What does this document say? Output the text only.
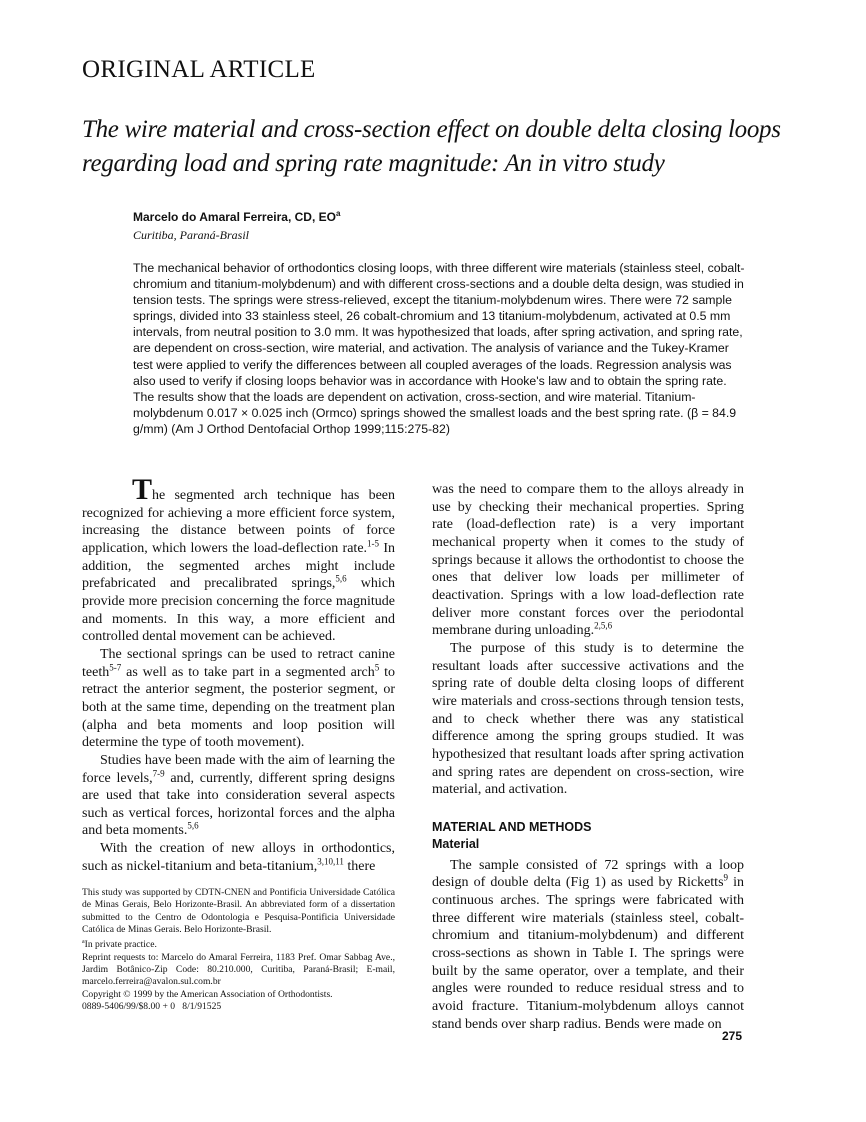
ORIGINAL ARTICLE
The wire material and cross-section effect on double delta closing loops regarding load and spring rate magnitude: An in vitro study
Marcelo do Amaral Ferreira, CD, $EO^a$
Curitiba, Paraná-Brasil
The mechanical behavior of orthodontics closing loops, with three different wire materials (stainless steel, cobalt-chromium and titanium-molybdenum) and with different cross-sections and a double delta design, was studied in tension tests. The springs were stress-relieved, except the titanium-molybdenum wires. There were 72 sample springs, divided into 33 stainless steel, 26 cobalt-chromium and 13 titanium-molybdenum, activated at 0.5 mm intervals, from neutral position to 3.0 mm. It was hypothesized that loads, after spring activation, and spring rate, are dependent on cross-section, wire material, and activation. The analysis of variance and the Tukey-Kramer test were applied to verify the differences between all coupled averages of the loads. Regression analysis was also used to verify if closing loops behavior was in accordance with Hooke's law and to obtain the spring rate. The results show that the loads are dependent on activation, cross-section, and wire material. Titanium-molybdenum 0.017 × 0.025 inch (Ormco) springs showed the smallest loads and the best spring rate. (β = 84.9 g/mm) (Am J Orthod Dentofacial Orthop 1999;115:275-82)

The segmented arch technique has been recognized for achieving a more efficient force system, increasing the distance between points of force application, which lowers the load-deflection rate.$^{1-5}$ In addition, the segmented arches might include prefabricated and precalibrated springs,$^{5,6}$ which provide more precision concerning the force magnitude and moments. In this way, a more efficient and controlled dental movement can be achieved.

The sectional springs can be used to retract canine teeth$^{5-7}$ as well as to take part in a segmented arch$^5$ to retract the anterior segment, the posterior segment, or both at the same time, depending on the treatment plan (alpha and beta moments and loop position will determine the type of tooth movement).

Studies have been made with the aim of learning the force levels,$^{7-9}$ and, currently, different spring designs are used that take into consideration several aspects such as vertical forces, horizontal forces and the alpha and beta moments.$^{5,6}$

With the creation of new alloys in orthodontics, such as nickel-titanium and beta-titanium,$^{3,10,11}$ there

was the need to compare them to the alloys already in use by checking their mechanical properties. Spring rate (load-deflection rate) is a very important mechanical property when it comes to the study of springs because it allows the orthodontist to choose the ones that deliver low loads per millimeter of deactivation. Springs with a low load-deflection rate deliver more constant forces over the periodontal membrane during unloading.$^{2,5,6}$

The purpose of this study is to determine the resultant loads after successive activations and the spring rate of double delta closing loops of different wire materials and cross-sections through tension tests, and to check whether there was any statistical difference among the spring groups studied. It was hypothesized that resultant loads after spring activation and spring rates are dependent on cross-section, wire material, and activation.

MATERIAL AND METHODS
Material

The sample consisted of 72 springs with a loop design of double delta (Fig 1) as used by Ricketts$^9$ in continuous arches. The springs were fabricated with three different wire materials (stainless steel, cobalt-chromium and titanium-molybdenum) and different cross-sections as shown in Table I. The springs were built by the same operator, over a template, and their angles were rounded to reduce residual stress and to avoid fracture. Titanium-molybdenum alloys cannot stand bends over sharp radius. Bends were made on

This study was supported by CDTN-CNEN and Pontificia Universidade Católica de Minas Gerais, Belo Horizonte-Brasil. An abbreviated form of a dissertation submitted to the Centro de Odontologia e Pesquisa-Pontificia Universidade Católica de Minas Gerais. Belo Horizonte-Brasil.
$^a$In private practice.
Reprint requests to: Marcelo do Amaral Ferreira, 1183 Pref. Omar Sabbag Ave., Jardim Botânico-Zip Code: 80.210.000, Curitiba, Paraná-Brasil; E-mail, marcelo.ferreira@avalon.sul.com.br
Copyright © 1999 by the American Association of Orthodontists.
0889-5406/99/$8.00 + 0   8/1/91525
275
